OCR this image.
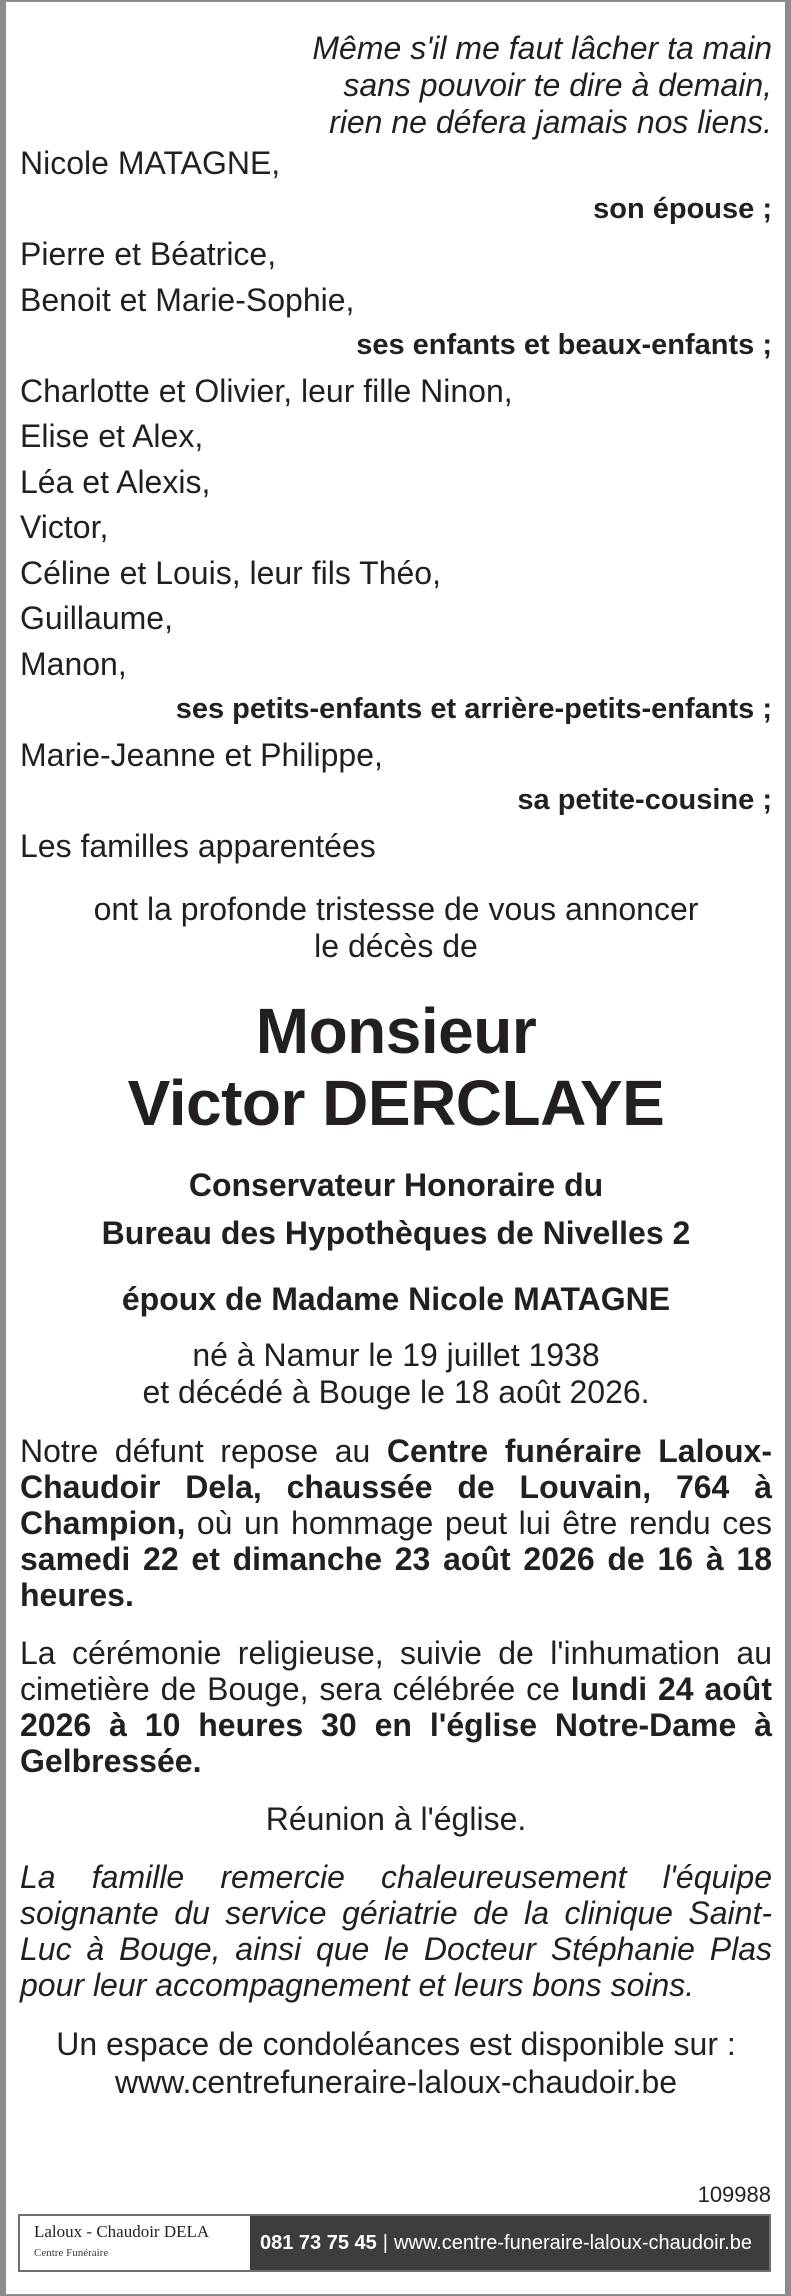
Même s'il me faut lâcher ta main

sans pouvoir te dire à demain,

rien ne défera jamais nos liens.

Nicole MATAGNE,

son épouse ;

Pierre et Béatrice,

Benoit et Marie-Sophie,

ses enfants et beaux-enfants ;

Charlotte et Olivier, leur fille Ninon,

Elise et Alex,

Léa et Alexis,

Victor,

Céline et Louis, leur fils Théo,

Guillaume,

Manon,

ses petits-enfants et arrière-petits-enfants ;

Marie-Jeanne et Philippe,

sa petite-cousine ;

Les familles apparentées

ont la profonde tristesse de vous annoncer
le décès de
Monsieur
Victor DERCLAYE
Conservateur Honoraire du
Bureau des Hypothèques de Nivelles 2
époux de Madame Nicole MATAGNE
né à Namur le 19 juillet 1938
et décédé à Bouge le 18 août 2026.
Notre défunt repose au Centre funéraire Laloux-Chaudoir Dela, chaussée de Louvain, 764 à Champion, où un hommage peut lui être rendu ces samedi 22 et dimanche 23 août 2026 de 16 à 18 heures.
La cérémonie religieuse, suivie de l'inhumation au cimetière de Bouge, sera célébrée ce lundi 24 août 2026 à 10 heures 30 en l'église Notre-Dame à Gelbressée.
Réunion à l'église.
La famille remercie chaleureusement l'équipe soignante du service gériatrie de la clinique Saint-Luc à Bouge, ainsi que le Docteur Stéphanie Plas pour leur accompagnement et leurs bons soins.
Un espace de condoléances est disponible sur :
www.centrefuneraire-laloux-chaudoir.be
109988
Laloux - Chaudoir DELA
Centre Funéraire	081 73 75 45 | www.centre-funeraire-laloux-chaudoir.be
